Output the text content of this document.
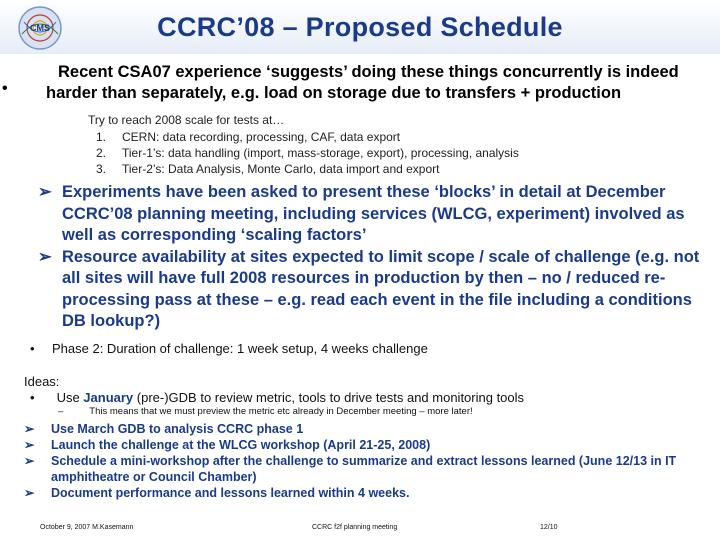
CMS	CCRC’08 – Proposed Schedule
•
Recent CSA07 experience ‘suggests’ doing these things concurrently is indeed
harder than separately, e.g. load on storage due to transfers + production
Try to reach 2008 scale for tests at…
1. CERN: data recording, processing, CAF, data export
2. Tier-1’s: data handling (import, mass-storage, export), processing, analysis
3. Tier-2’s: Data Analysis, Monte Carlo, data import and export
➢ Experiments have been asked to present these ‘blocks’ in detail at December CCRC’08 planning meeting, including services (WLCG, experiment) involved as well as corresponding ‘scaling factors’
➢ Resource availability at sites expected to limit scope / scale of challenge (e.g. not all sites will have full 2008 resources in production by then – no / reduced re-processing pass at these – e.g. read each event in the file including a conditions DB lookup?)
• Phase 2: Duration of challenge: 1 week setup, 4 weeks challenge
Ideas:
• Use January (pre-)GDB to review metric, tools to drive tests and monitoring tools
–	This means that we must preview the metric etc already in December meeting – more later!
➢ Use March GDB to analysis CCRC phase 1
➢ Launch the challenge at the WLCG workshop (April 21-25, 2008)
➢ Schedule a mini-workshop after the challenge to summarize and extract lessons learned (June 12/13 in IT amphitheatre or Council Chamber)
➢ Document performance and lessons learned within 4 weeks.
October 9, 2007 M.Kasemann	CCRC f2f planning meeting	12/10
